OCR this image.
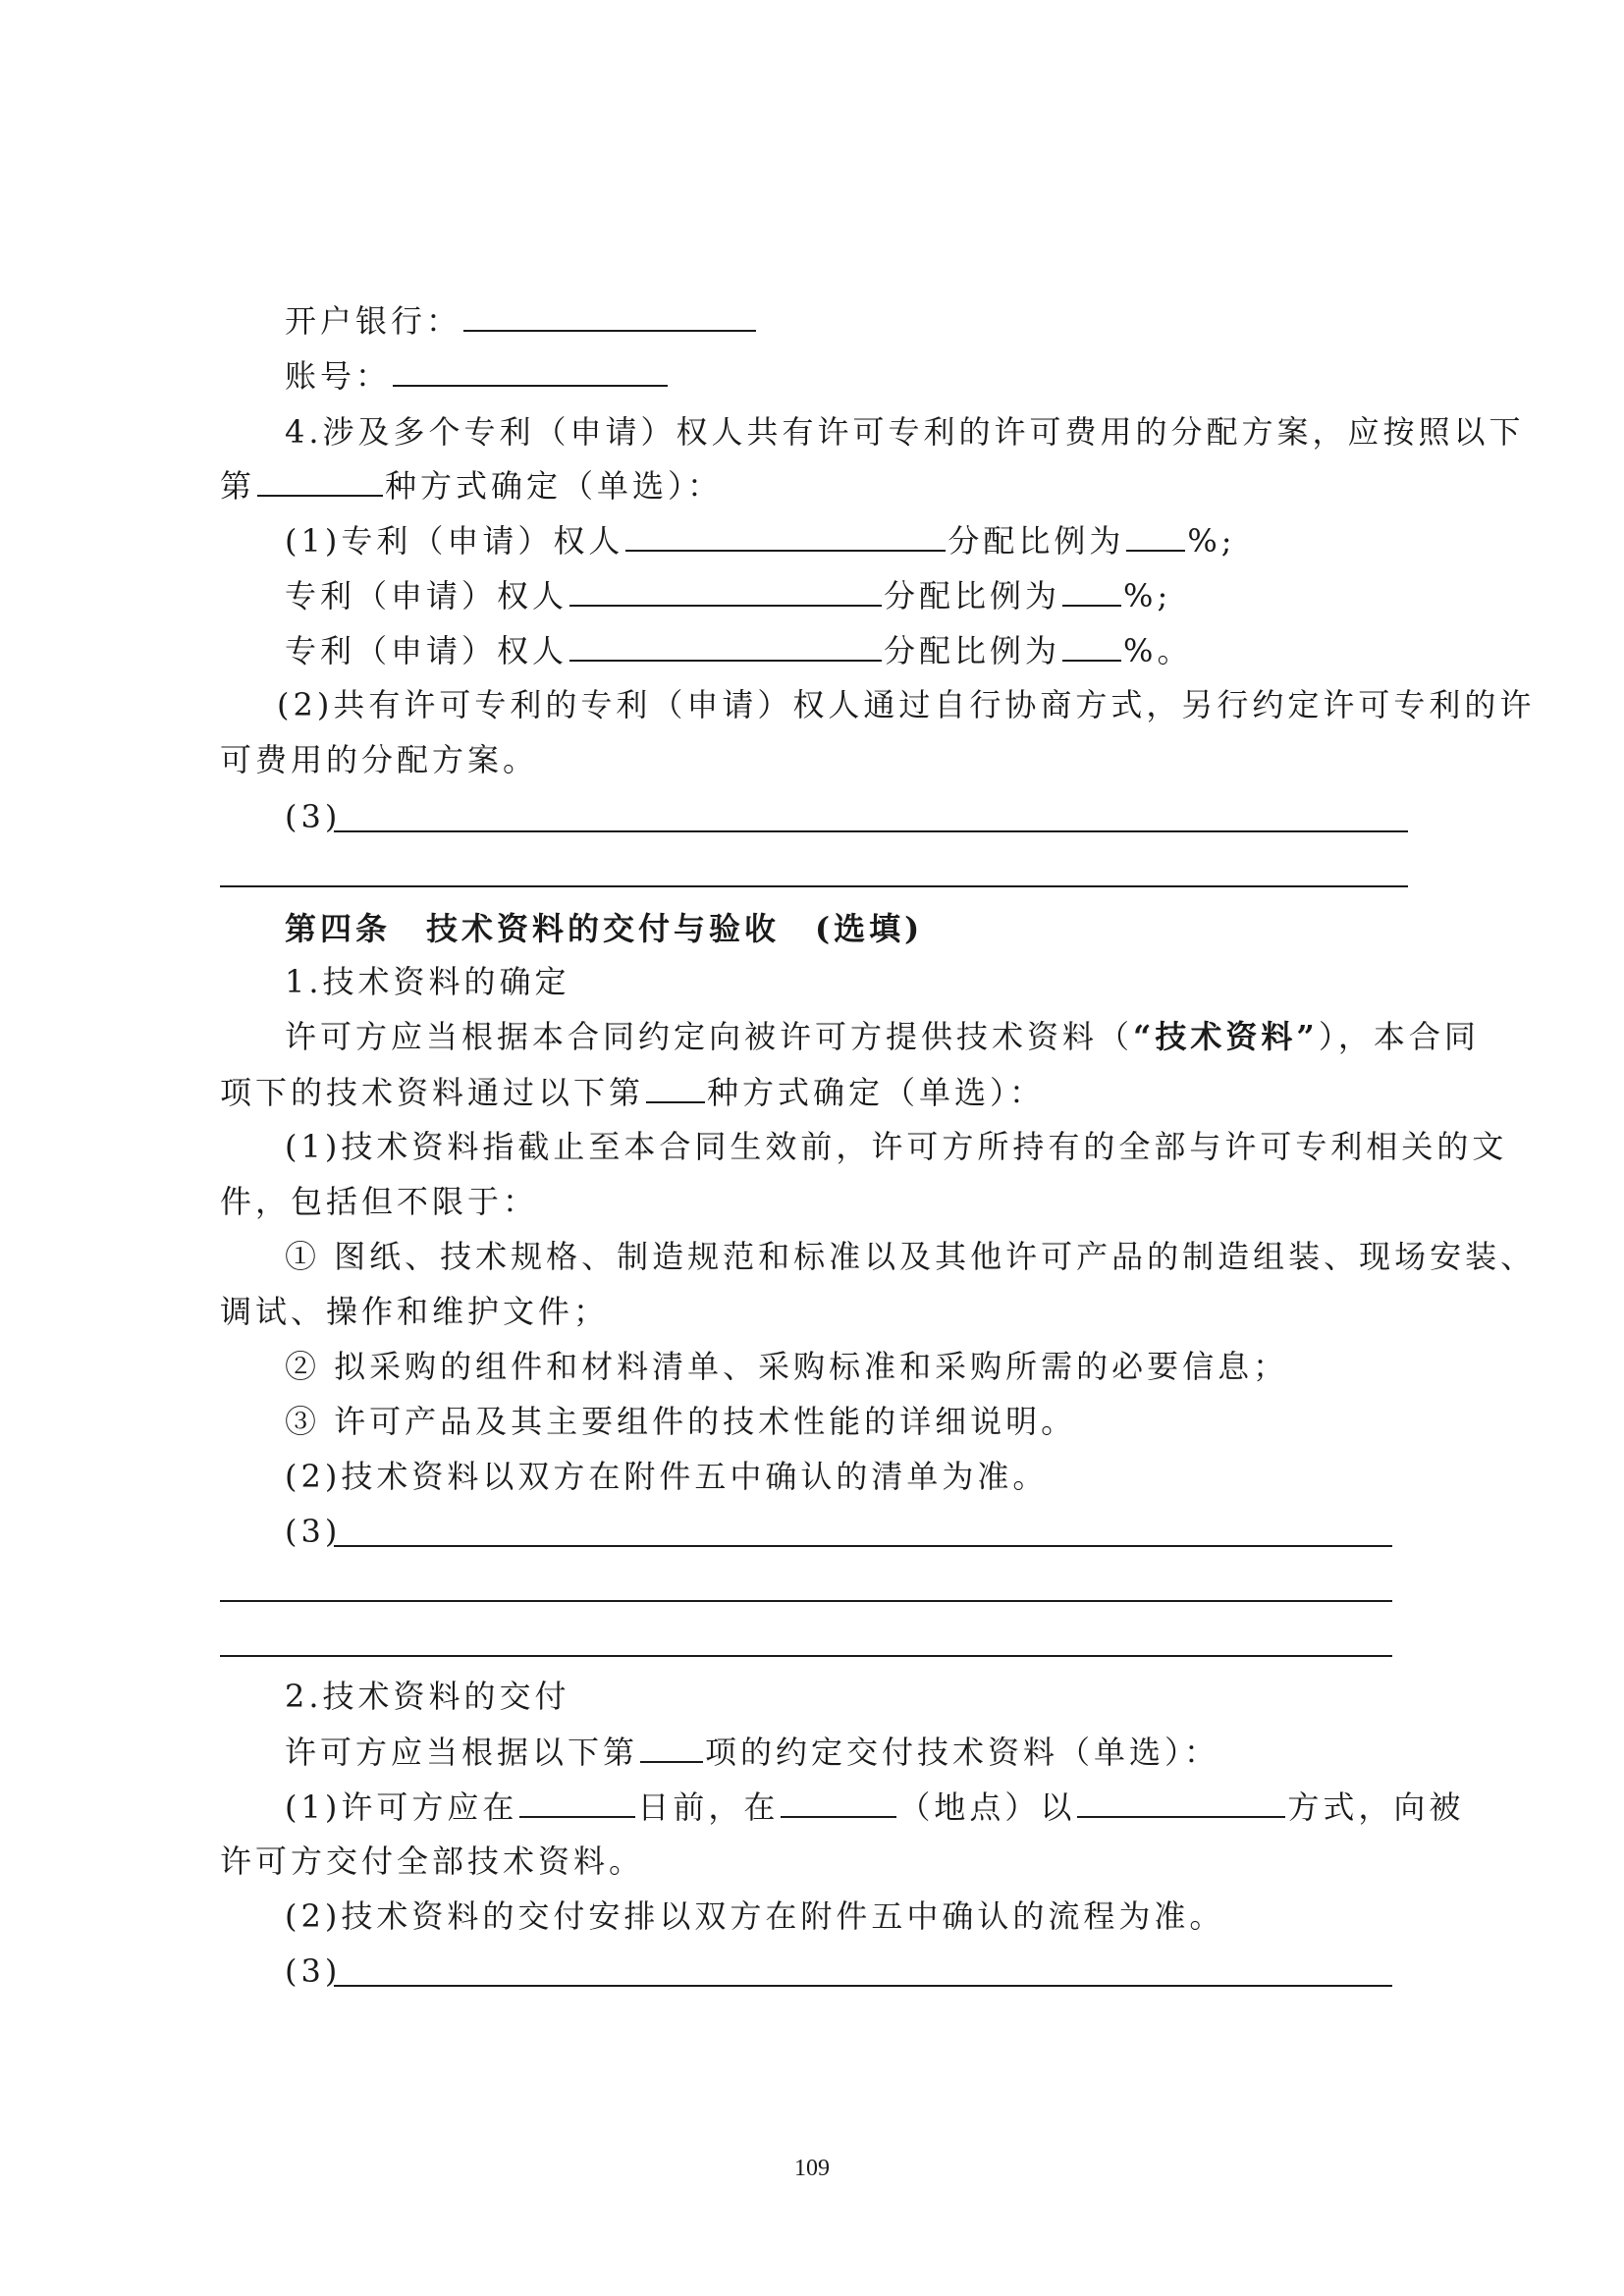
开户银行：
账号：
4.涉及多个专利（申请）权人共有许可专利的许可费用的分配方案，应按照以下
第	种方式确定（单选）：
(1)专利（申请）权人	分配比例为 %;
专利（申请）权人	分配比例为 %;
专利（申请）权人	分配比例为 %。
(2)共有许可专利的专利（申请）权人通过自行协商方式，另行约定许可专利的许
可费用的分配方案。
(3)
第四条　技术资料的交付与验收　(选填)
1.技术资料的确定
许可方应当根据本合同约定向被许可方提供技术资料（“技术资料”），本合同
项下的技术资料通过以下第 种方式确定（单选）：
(1)技术资料指截止至本合同生效前，许可方所持有的全部与许可专利相关的文
件，包括但不限于：
① 图纸、技术规格、制造规范和标准以及其他许可产品的制造组装、现场安装、
调试、操作和维护文件；
② 拟采购的组件和材料清单、采购标准和采购所需的必要信息；
③ 许可产品及其主要组件的技术性能的详细说明。
(2)技术资料以双方在附件五中确认的清单为准。
(3)
2.技术资料的交付
许可方应当根据以下第 项的约定交付技术资料（单选）：
(1)许可方应在	日前，在	（地点）以	方式，向被
许可方交付全部技术资料。
(2)技术资料的交付安排以双方在附件五中确认的流程为准。
(3)
109
